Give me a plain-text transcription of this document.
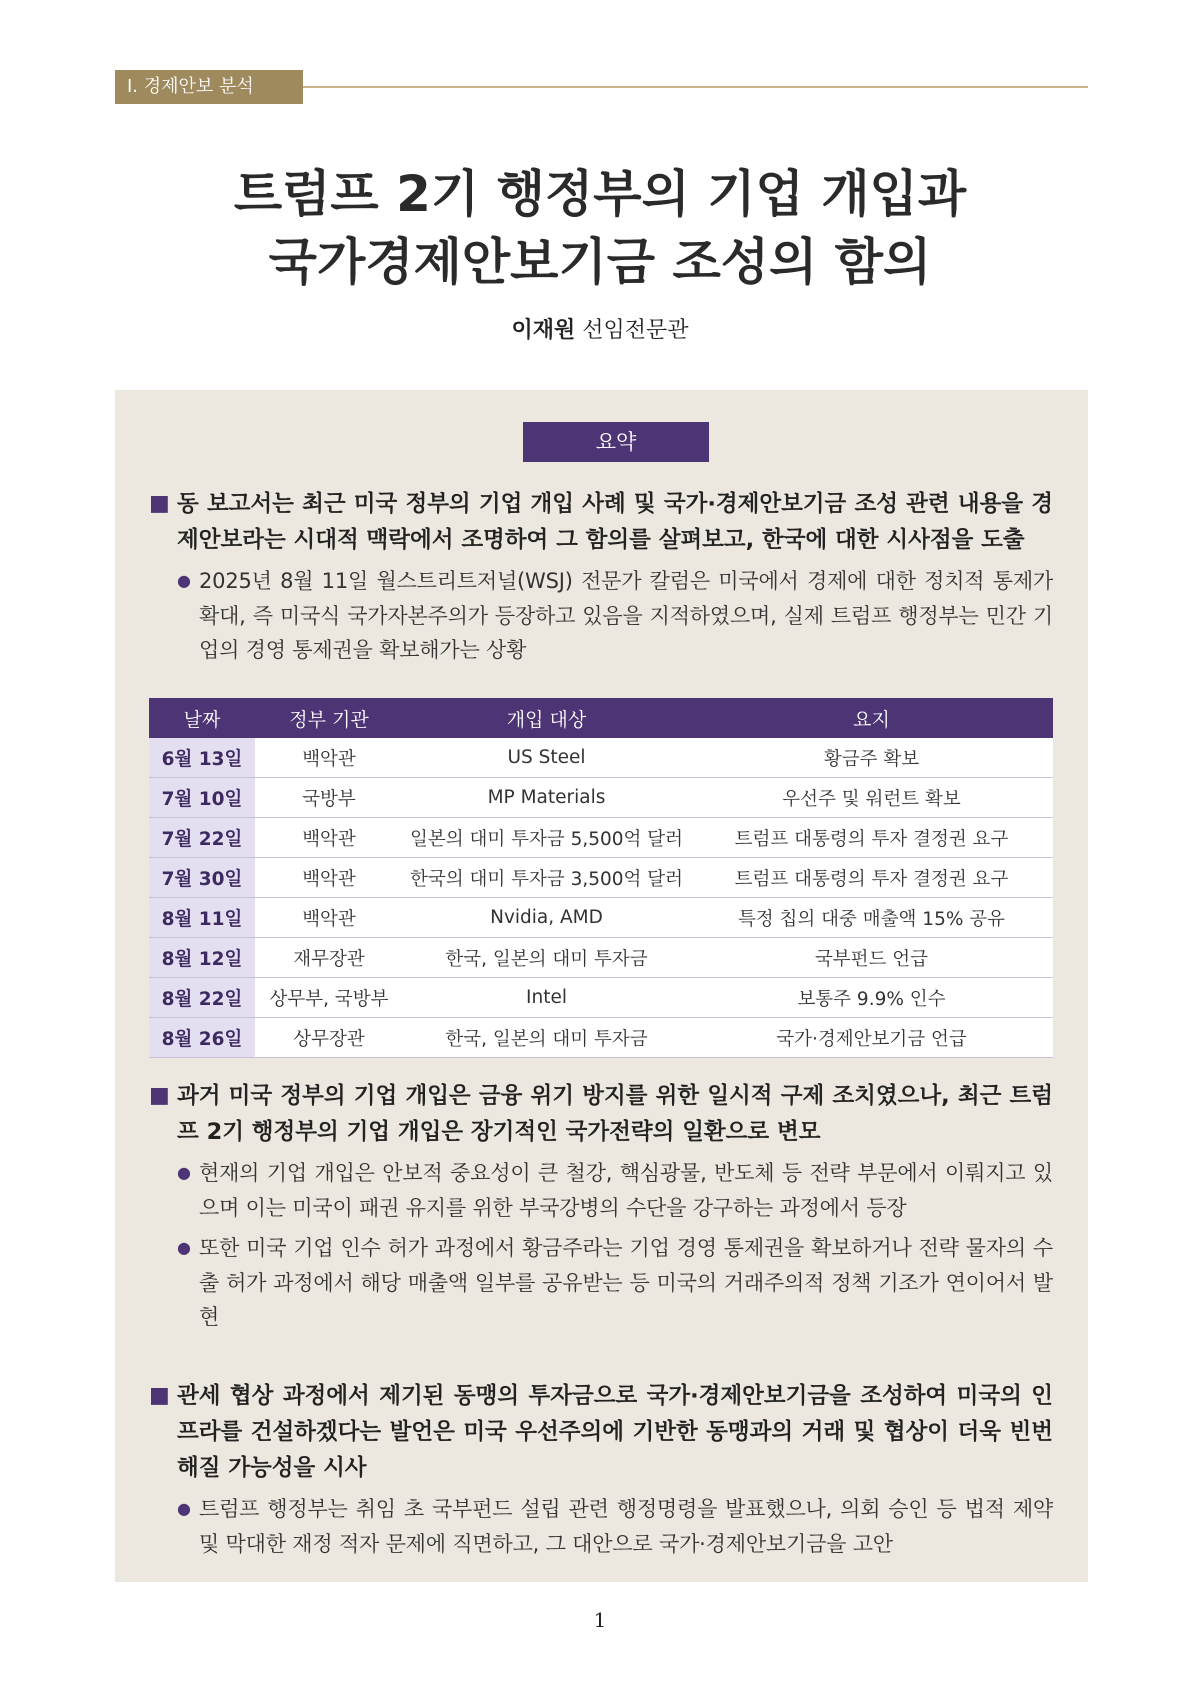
Ⅰ. 경제안보 분석
트럼프 2기 행정부의 기업 개입과
국가경제안보기금 조성의 함의
이재원 선임전문관
요약
■ 동 보고서는 최근 미국 정부의 기업 개입 사례 및 국가·경제안보기금 조성 관련 내용을 경제안보라는 시대적 맥락에서 조명하여 그 함의를 살펴보고, 한국에 대한 시사점을 도출
● 2025년 8월 11일 월스트리트저널(WSJ) 전문가 칼럼은 미국에서 경제에 대한 정치적 통제가 확대, 즉 미국식 국가자본주의가 등장하고 있음을 지적하였으며, 실제 트럼프 행정부는 민간 기업의 경영 통제권을 확보해가는 상황
날짜	정부 기관	개입 대상	요지
6월 13일	백악관	US Steel	황금주 확보
7월 10일	국방부	MP Materials	우선주 및 워런트 확보
7월 22일	백악관	일본의 대미 투자금 5,500억 달러	트럼프 대통령의 투자 결정권 요구
7월 30일	백악관	한국의 대미 투자금 3,500억 달러	트럼프 대통령의 투자 결정권 요구
8월 11일	백악관	Nvidia, AMD	특정 칩의 대중 매출액 15% 공유
8월 12일	재무장관	한국, 일본의 대미 투자금	국부펀드 언급
8월 22일	상무부, 국방부	Intel	보통주 9.9% 인수
8월 26일	상무장관	한국, 일본의 대미 투자금	국가·경제안보기금 언급
■ 과거 미국 정부의 기업 개입은 금융 위기 방지를 위한 일시적 구제 조치였으나, 최근 트럼프 2기 행정부의 기업 개입은 장기적인 국가전략의 일환으로 변모
● 현재의 기업 개입은 안보적 중요성이 큰 철강, 핵심광물, 반도체 등 전략 부문에서 이뤄지고 있으며 이는 미국이 패권 유지를 위한 부국강병의 수단을 강구하는 과정에서 등장
● 또한 미국 기업 인수 허가 과정에서 황금주라는 기업 경영 통제권을 확보하거나 전략 물자의 수출 허가 과정에서 해당 매출액 일부를 공유받는 등 미국의 거래주의적 정책 기조가 연이어서 발현
■ 관세 협상 과정에서 제기된 동맹의 투자금으로 국가·경제안보기금을 조성하여 미국의 인프라를 건설하겠다는 발언은 미국 우선주의에 기반한 동맹과의 거래 및 협상이 더욱 빈번해질 가능성을 시사
● 트럼프 행정부는 취임 초 국부펀드 설립 관련 행정명령을 발표했으나, 의회 승인 등 법적 제약 및 막대한 재정 적자 문제에 직면하고, 그 대안으로 국가·경제안보기금을 고안
1
